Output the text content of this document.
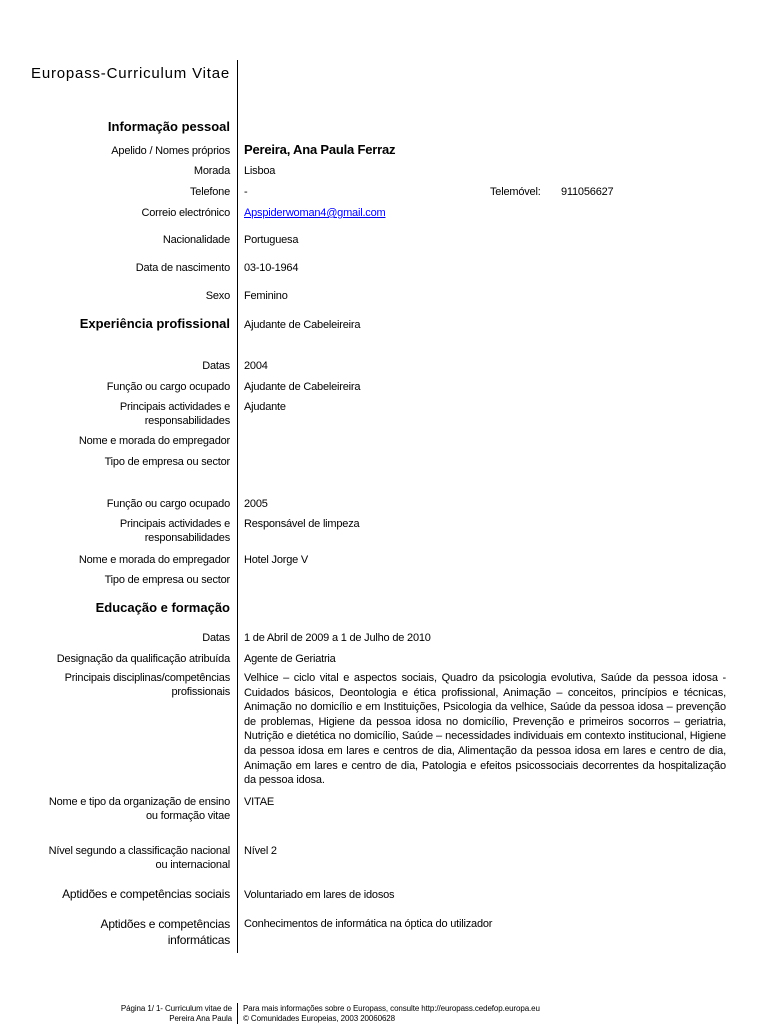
Europass-Curriculum Vitae
Informação pessoal
Apelido / Nomes próprios Pereira, Ana Paula Ferraz
Morada Lisboa
Telefone -	Telemóvel: 911056627
Correio electrónico Apspiderwoman4@gmail.com
Nacionalidade Portuguesa
Data de nascimento 03-10-1964
Sexo Feminino
Experiência profissional Ajudante de Cabeleireira
Datas 2004
Função ou cargo ocupado Ajudante de Cabeleireira
Principais actividades e
responsabilidades
Ajudante
Nome e morada do empregador
Tipo de empresa ou sector
Função ou cargo ocupado 2005
Principais actividades e
responsabilidades
Responsável de limpeza
Nome e morada do empregador Hotel Jorge V
Tipo de empresa ou sector
Educação e formação
Datas 1 de Abril de 2009 a 1 de Julho de 2010
Designação da qualificação atribuída Agente de Geriatria
Principais disciplinas/competências
profissionais
Velhice – ciclo vital e aspectos sociais, Quadro da psicologia evolutiva, Saúde da pessoa idosa - Cuidados básicos, Deontologia e ética profissional, Animação – conceitos, princípios e técnicas, Animação no domicílio e em Instituições, Psicologia da velhice, Saúde da pessoa idosa – prevenção de problemas, Higiene da pessoa idosa no domicílio, Prevenção e primeiros socorros – geriatria, Nutrição e dietética no domicílio, Saúde – necessidades individuais em contexto institucional, Higiene da pessoa idosa em lares e centros de dia, Alimentação da pessoa idosa em lares e centro de dia, Animação em lares e centro de dia, Patologia e efeitos psicossociais decorrentes da hospitalização da pessoa idosa.
Nome e tipo da organização de ensino
ou formação vitae
VITAE
Nível segundo a classificação nacional
ou internacional
Nível 2
Aptidões e competências sociais Voluntariado em lares de idosos
Aptidões e competências
informáticas
Conhecimentos de informática na óptica do utilizador
Página 1/ 1- Curriculum vitae de
Pereira Ana Paula
Para mais informações sobre o Europass, consulte http://europass.cedefop.europa.eu
© Comunidades Europeias, 2003 20060628
